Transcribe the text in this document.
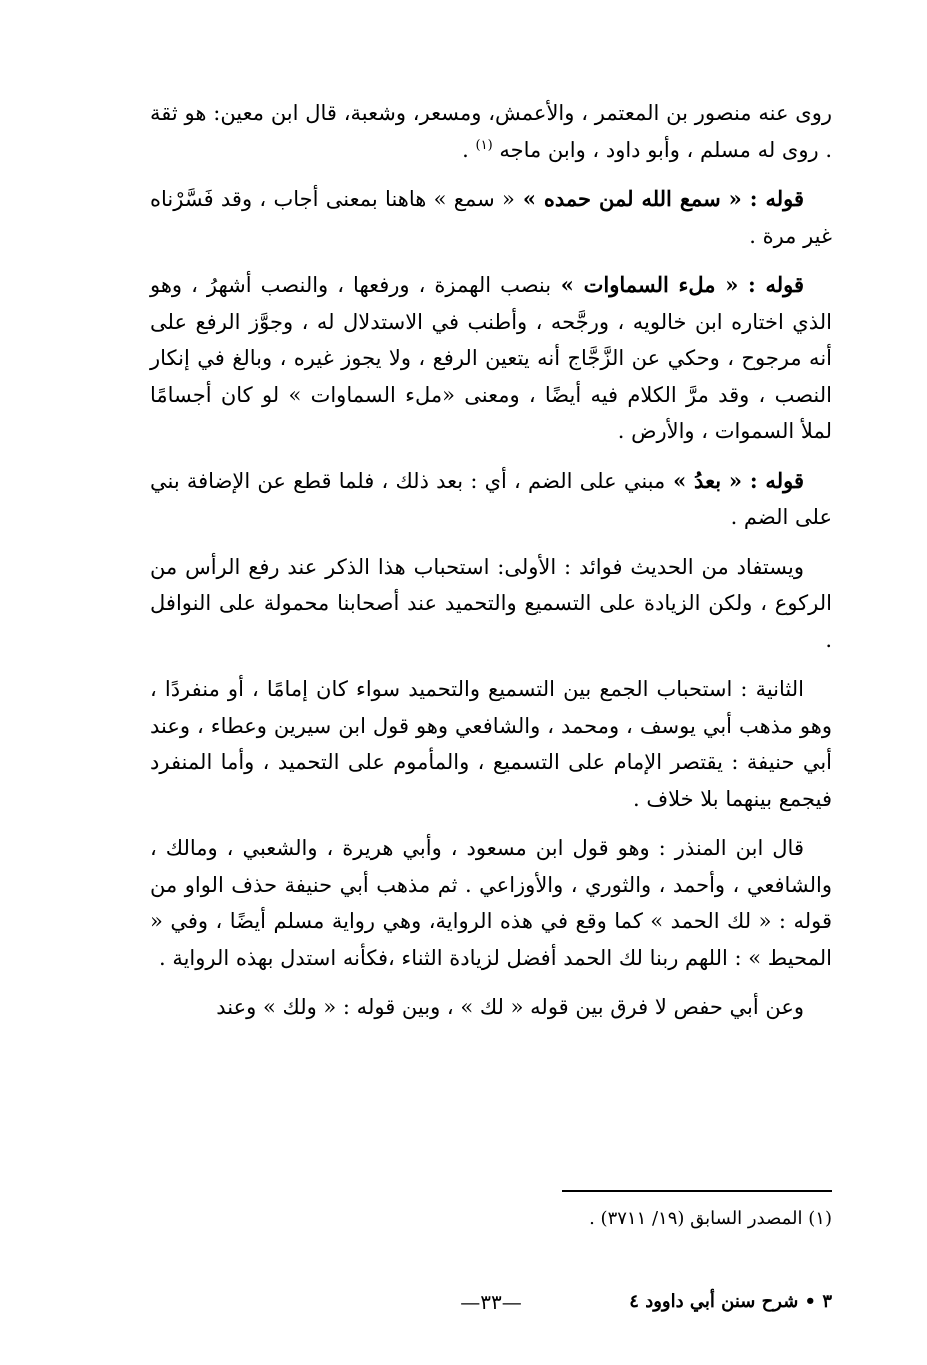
روى عنه منصور بن المعتمر ، والأعمش، ومسعر، وشعبة، قال ابن معين: هو ثقة . روى له مسلم ، وأبو داود ، وابن ماجه $^{(١)}$ .

قوله : « سمع الله لمن حمده » « سمع » هاهنا بمعنى أجاب ، وقد فَسَّرْناه غير مرة .

قوله : « ملء السماوات » بنصب الهمزة ، ورفعها ، والنصب أشهرُ ، وهو الذي اختاره ابن خالويه ، ورجَّحه ، وأطنب في الاستدلال له ، وجوَّز الرفع على أنه مرجوح ، وحكي عن الزَّجَّاج أنه يتعين الرفع ، ولا يجوز غيره ، وبالغ في إنكار النصب ، وقد مرَّ الكلام فيه أيضًا ، ومعنى «ملء السماوات » لو كان أجسامًا لملأ السموات ، والأرض .

قوله : « بعدُ » مبني على الضم ، أي : بعد ذلك ، فلما قطع عن الإضافة بني على الضم .

ويستفاد من الحديث فوائد : الأولى: استحباب هذا الذكر عند رفع الرأس من الركوع ، ولكن الزيادة على التسميع والتحميد عند أصحابنا محمولة على النوافل .

الثانية : استحباب الجمع بين التسميع والتحميد سواء كان إمامًا ، أو منفردًا ، وهو مذهب أبي يوسف ، ومحمد ، والشافعي وهو قول ابن سيرين وعطاء ، وعند أبي حنيفة : يقتصر الإمام على التسميع ، والمأموم على التحميد ، وأما المنفرد فيجمع بينهما بلا خلاف .

قال ابن المنذر : وهو قول ابن مسعود ، وأبي هريرة ، والشعبي ، ومالك ، والشافعي ، وأحمد ، والثوري ، والأوزاعي . ثم مذهب أبي حنيفة حذف الواو من قوله : « لك الحمد » كما وقع في هذه الرواية، وهي رواية مسلم أيضًا ، وفي « المحيط » : اللهم ربنا لك الحمد أفضل لزيادة الثناء ،فكأنه استدل بهذه الرواية .

وعن أبي حفص لا فرق بين قوله « لك » ، وبين قوله : « ولك » وعند

(١) المصدر السابق (١٩/ ٣٧١١) .
٣ • شرح سنن أبي داوود ٤
—٣٣—
